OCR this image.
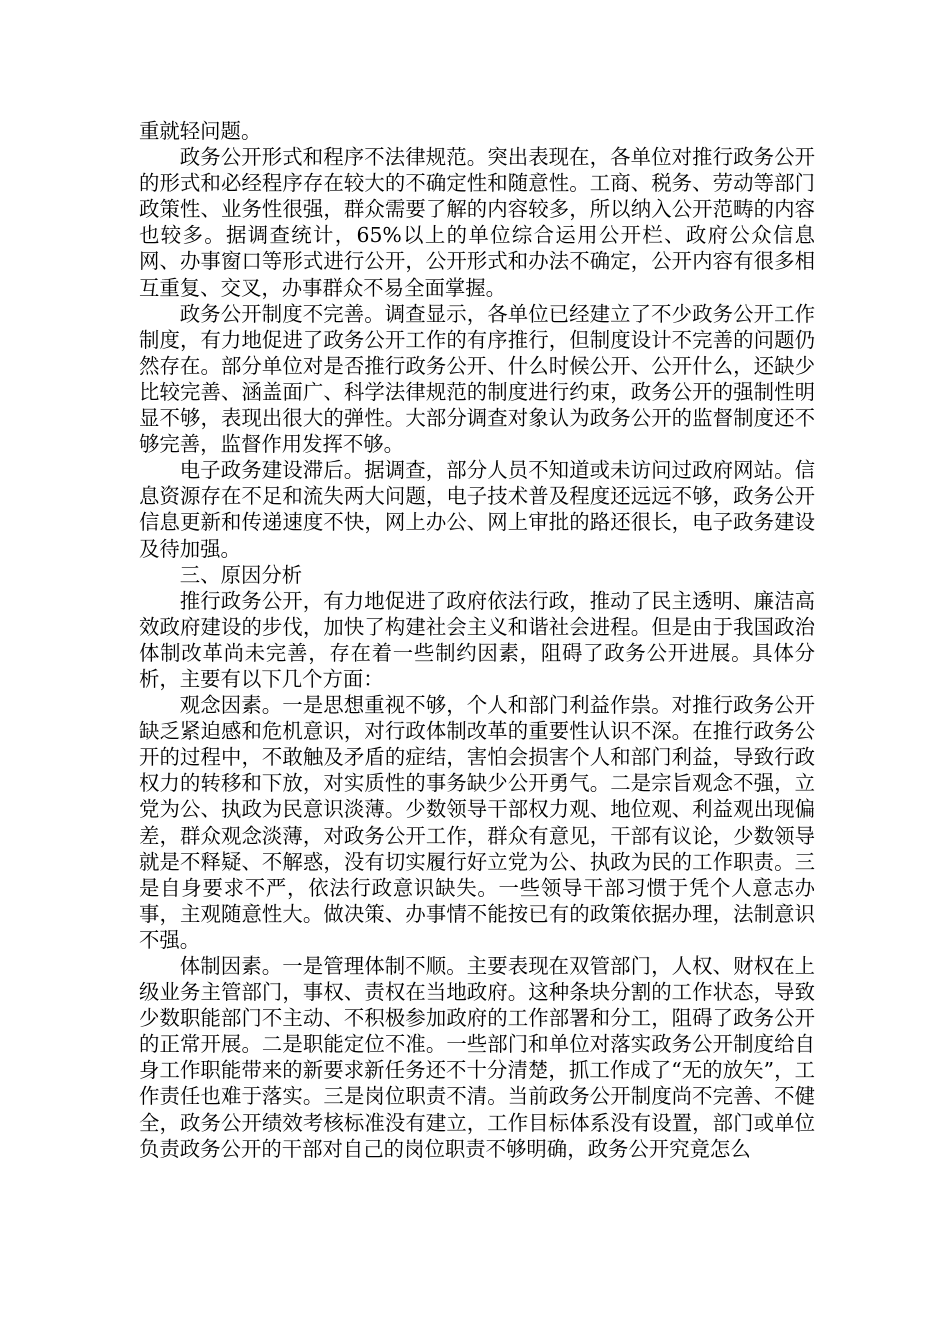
重就轻问题。

政务公开形式和程序不法律规范。突出表现在，各单位对推行政务公开的形式和必经程序存在较大的不确定性和随意性。工商、税务、劳动等部门政策性、业务性很强，群众需要了解的内容较多，所以纳入公开范畴的内容也较多。据调查统计，65%以上的单位综合运用公开栏、政府公众信息网、办事窗口等形式进行公开，公开形式和办法不确定，公开内容有很多相互重复、交叉，办事群众不易全面掌握。

政务公开制度不完善。调查显示，各单位已经建立了不少政务公开工作制度，有力地促进了政务公开工作的有序推行，但制度设计不完善的问题仍然存在。部分单位对是否推行政务公开、什么时候公开、公开什么，还缺少比较完善、涵盖面广、科学法律规范的制度进行约束，政务公开的强制性明显不够，表现出很大的弹性。大部分调查对象认为政务公开的监督制度还不够完善，监督作用发挥不够。

电子政务建设滞后。据调查，部分人员不知道或未访问过政府网站。信息资源存在不足和流失两大问题，电子技术普及程度还远远不够，政务公开信息更新和传递速度不快，网上办公、网上审批的路还很长，电子政务建设及待加强。

三、原因分析

推行政务公开，有力地促进了政府依法行政，推动了民主透明、廉洁高效政府建设的步伐，加快了构建社会主义和谐社会进程。但是由于我国政治体制改革尚未完善，存在着一些制约因素，阻碍了政务公开进展。具体分析，主要有以下几个方面：

观念因素。一是思想重视不够，个人和部门利益作祟。对推行政务公开缺乏紧迫感和危机意识，对行政体制改革的重要性认识不深。在推行政务公开的过程中，不敢触及矛盾的症结，害怕会损害个人和部门利益，导致行政权力的转移和下放，对实质性的事务缺少公开勇气。二是宗旨观念不强，立党为公、执政为民意识淡薄。少数领导干部权力观、地位观、利益观出现偏差，群众观念淡薄，对政务公开工作，群众有意见，干部有议论，少数领导就是不释疑、不解惑，没有切实履行好立党为公、执政为民的工作职责。三是自身要求不严，依法行政意识缺失。一些领导干部习惯于凭个人意志办事，主观随意性大。做决策、办事情不能按已有的政策依据办理，法制意识不强。

体制因素。一是管理体制不顺。主要表现在双管部门，人权、财权在上级业务主管部门，事权、责权在当地政府。这种条块分割的工作状态，导致少数职能部门不主动、不积极参加政府的工作部署和分工，阻碍了政务公开的正常开展。二是职能定位不准。一些部门和单位对落实政务公开制度给自身工作职能带来的新要求新任务还不十分清楚，抓工作成了“无的放矢”，工作责任也难于落实。三是岗位职责不清。当前政务公开制度尚不完善、不健全，政务公开绩效考核标准没有建立，工作目标体系没有设置，部门或单位负责政务公开的干部对自己的岗位职责不够明确，政务公开究竟怎么
